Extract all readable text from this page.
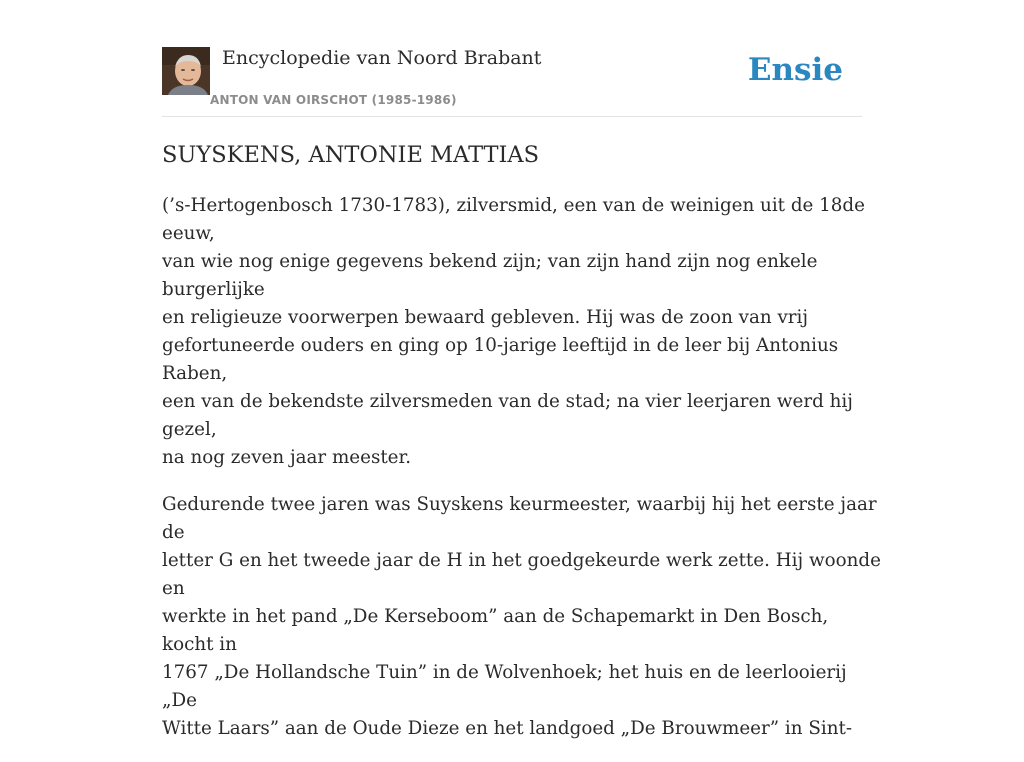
Encyclopedie van Noord Brabant
ANTON VAN OIRSCHOT (1985-1986)
Ensie
SUYSKENS, ANTONIE MATTIAS

(’s-Hertogenbosch 1730-1783), zilversmid, een van de weinigen uit de 18de eeuw,
van wie nog enige gegevens bekend zijn; van zijn hand zijn nog enkele burgerlijke
en religieuze voorwerpen bewaard gebleven. Hij was de zoon van vrij
gefortuneerde ouders en ging op 10-jarige leeftijd in de leer bij Antonius Raben,
een van de bekendste zilversmeden van de stad; na vier leerjaren werd hij gezel,
na nog zeven jaar meester.

Gedurende twee jaren was Suyskens keurmeester, waarbij hij het eerste jaar de
letter G en het tweede jaar de H in het goedgekeurde werk zette. Hij woonde en
werkte in het pand „De Kerseboom” aan de Schapemarkt in Den Bosch, kocht in
1767 „De Hollandsche Tuin” in de Wolvenhoek; het huis en de leerlooierij „De
Witte Laars” aan de Oude Dieze en het landgoed „De Brouwmeer” in Sint-
